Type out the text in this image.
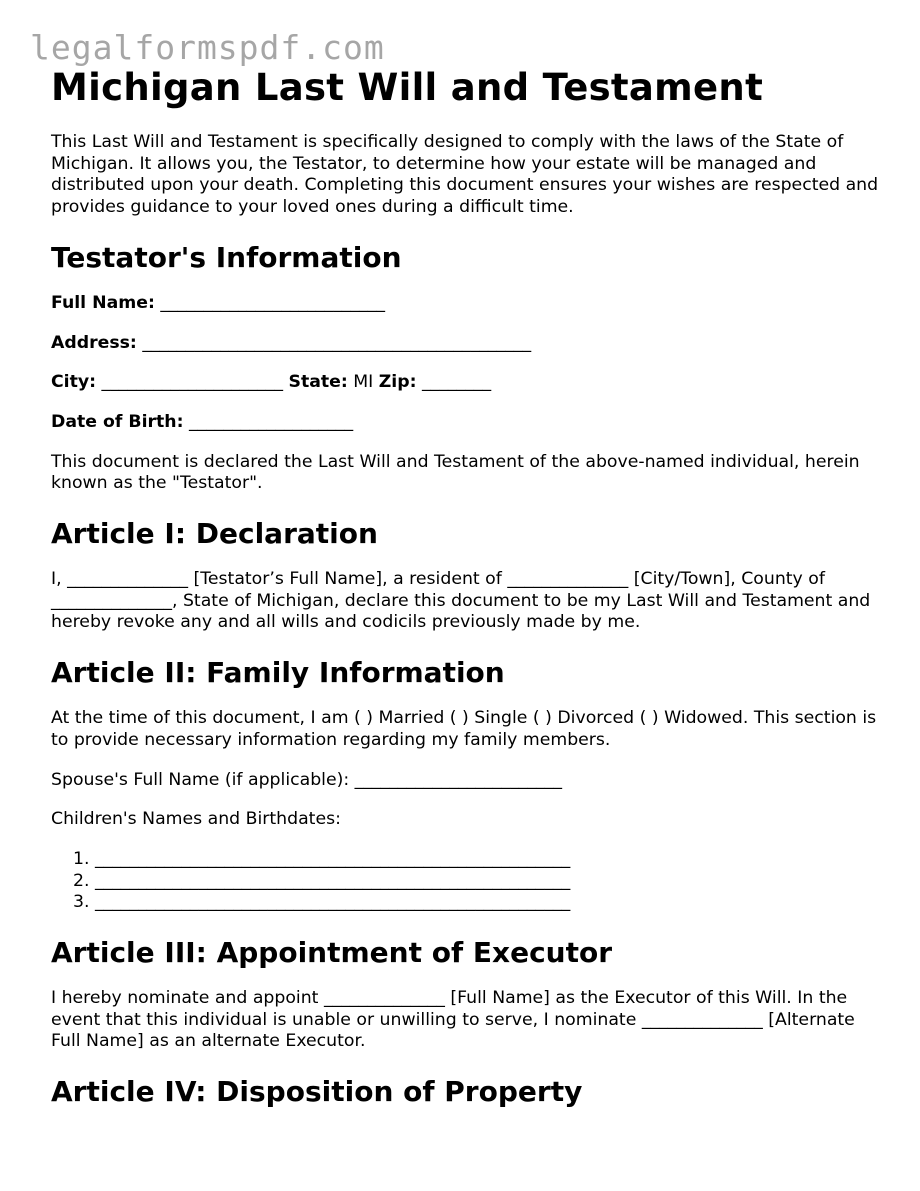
legalformspdf.com
Michigan Last Will and Testament

This Last Will and Testament is specifically designed to comply with the laws of the State of Michigan. It allows you, the Testator, to determine how your estate will be managed and distributed upon your death. Completing this document ensures your wishes are respected and provides guidance to your loved ones during a difficult time.

Testator's Information

Full Name: __________________________

Address: _____________________________________________

City: _____________________ State: MI Zip: ________

Date of Birth: ___________________

This document is declared the Last Will and Testament of the above-named individual, herein known as the "Testator".

Article I: Declaration

I, ______________ [Testator’s Full Name], a resident of ______________ [City/Town], County of ______________, State of Michigan, declare this document to be my Last Will and Testament and hereby revoke any and all wills and codicils previously made by me.

Article II: Family Information

At the time of this document, I am ( ) Married ( ) Single ( ) Divorced ( ) Widowed. This section is to provide necessary information regarding my family members.

Spouse's Full Name (if applicable): ________________________

Children's Names and Birthdates:

1. _______________________________________________________
2. _______________________________________________________
3. _______________________________________________________
Article III: Appointment of Executor

I hereby nominate and appoint ______________ [Full Name] as the Executor of this Will. In the event that this individual is unable or unwilling to serve, I nominate ______________ [Alternate Full Name] as an alternate Executor.

Article IV: Disposition of Property
